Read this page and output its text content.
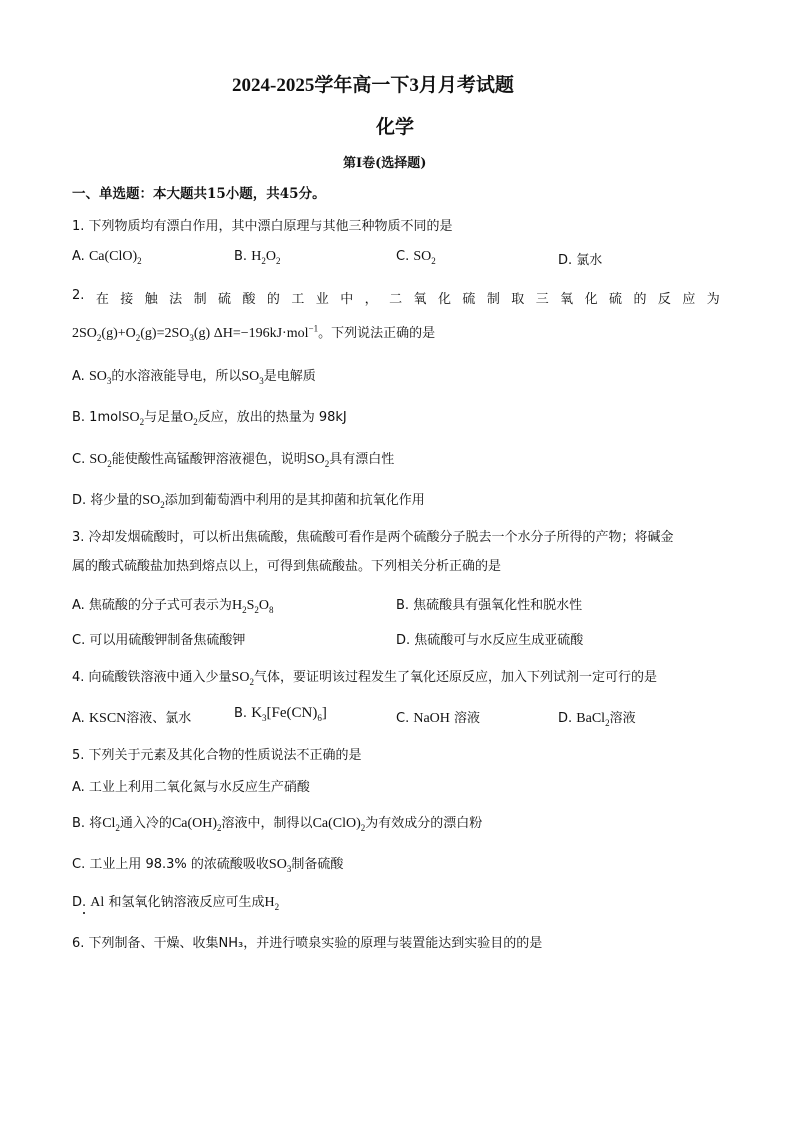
2024-2025学年高一下3月月考试题
化学
第I卷(选择题)
一、单选题：本大题共15小题，共45分。
1. 下列物质均有漂白作用，其中漂白原理与其他三种物质不同的是
A. $Ca(ClO)_2$	B. $H_2O_2$	C. $SO_2$	D. 氯水
2. 在 接 触 法 制 硫 酸 的 工 业 中 ， 二 氧 化 硫 制 取 三 氧 化 硫 的 反 应 为
$2SO_2(g)+O_2(g)=2SO_3(g)$ ΔH=−196kJ·mol$^{-1}$。下列说法正确的是
A. $SO_3$的水溶液能导电，所以$SO_3$是电解质
B. 1molSO$_2$与足量$O_2$反应，放出的热量为 98kJ
C. $SO_2$能使酸性高锰酸钾溶液褪色，说明$SO_2$具有漂白性
D. 将少量的$SO_2$添加到葡萄酒中利用的是其抑菌和抗氧化作用
3. 冷却发烟硫酸时，可以析出焦硫酸，焦硫酸可看作是两个硫酸分子脱去一个水分子所得的产物；将碱金
属的酸式硫酸盐加热到熔点以上，可得到焦硫酸盐。下列相关分析正确的是
A. 焦硫酸的分子式可表示为$H_2S_2O_8$	B. 焦硫酸具有强氧化性和脱水性
C. 可以用硫酸钾制备焦硫酸钾	D. 焦硫酸可与水反应生成亚硫酸
4. 向硫酸铁溶液中通入少量$SO_2$气体，要证明该过程发生了氧化还原反应，加入下列试剂一定可行的是
A. KSCN溶液、氯水	B. $K_3[Fe(CN)_6]$	C. NaOH 溶液	D. BaCl$_2$溶液
5. 下列关于元素及其化合物的性质说法不正确的是
A. 工业上利用二氧化氮与水反应生产硝酸
B. 将$Cl_2$通入冷的$Ca(OH)_2$溶液中，制得以$Ca(ClO)_2$为有效成分的漂白粉
C. 工业上用 98.3% 的浓硫酸吸收$SO_3$制备硫酸
D. Al 和氢氧化钠溶液反应可生成$H_2$
6. 下列制备、干燥、收集NH₃，并进行喷泉实验的原理与装置能达到实验目的的是
